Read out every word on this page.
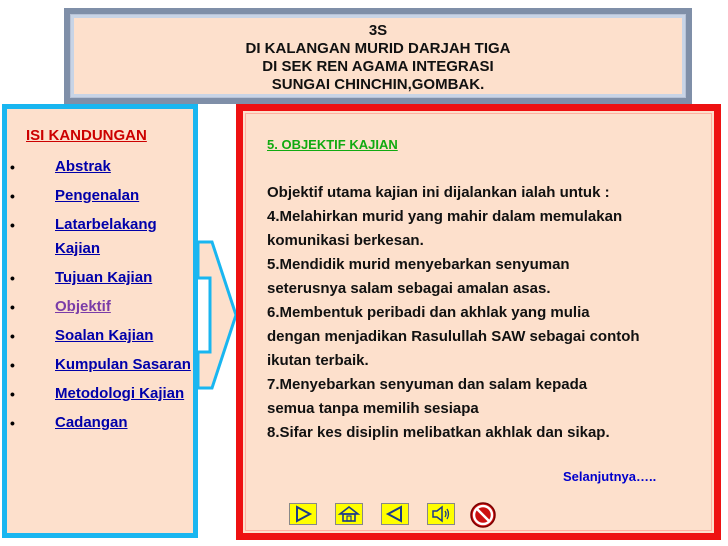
3S
DI KALANGAN MURID DARJAH TIGA
DI SEK REN AGAMA INTEGRASI
SUNGAI CHINCHIN,GOMBAK.
ISI KANDUNGAN
•	Abstrak
•	Pengenalan
•	Latarbelakang Kajian
•	Tujuan Kajian
•	Objektif
•	Soalan Kajian
•	Kumpulan Sasaran
•	Metodologi Kajian
•	Cadangan
5. OBJEKTIF KAJIAN
Objektif utama kajian ini dijalankan ialah untuk :
4.Melahirkan murid yang mahir dalam memulakan
komunikasi berkesan.
5.Mendidik murid menyebarkan senyuman
seterusnya salam sebagai amalan asas.
6.Membentuk peribadi dan akhlak yang mulia
dengan menjadikan Rasulullah SAW sebagai contoh
ikutan terbaik.
7.Menyebarkan senyuman dan salam kepada
semua tanpa memilih sesiapa
8.Sifar kes disiplin melibatkan akhlak dan sikap.
Selanjutnya…..
